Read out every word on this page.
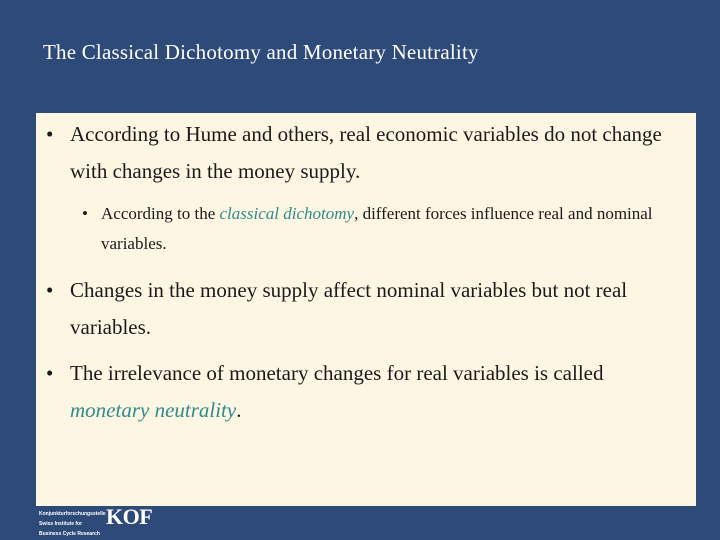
The Classical Dichotomy and Monetary Neutrality
• According to Hume and others, real economic variables do not change with changes in the money supply.
• According to the classical dichotomy, different forces influence real and nominal variables.
• Changes in the money supply affect nominal variables but not real variables.
• The irrelevance of monetary changes for real variables is called monetary neutrality.
Konjunkturforschungsstelle
Swiss Institute for
Business Cycle Research
KOF
